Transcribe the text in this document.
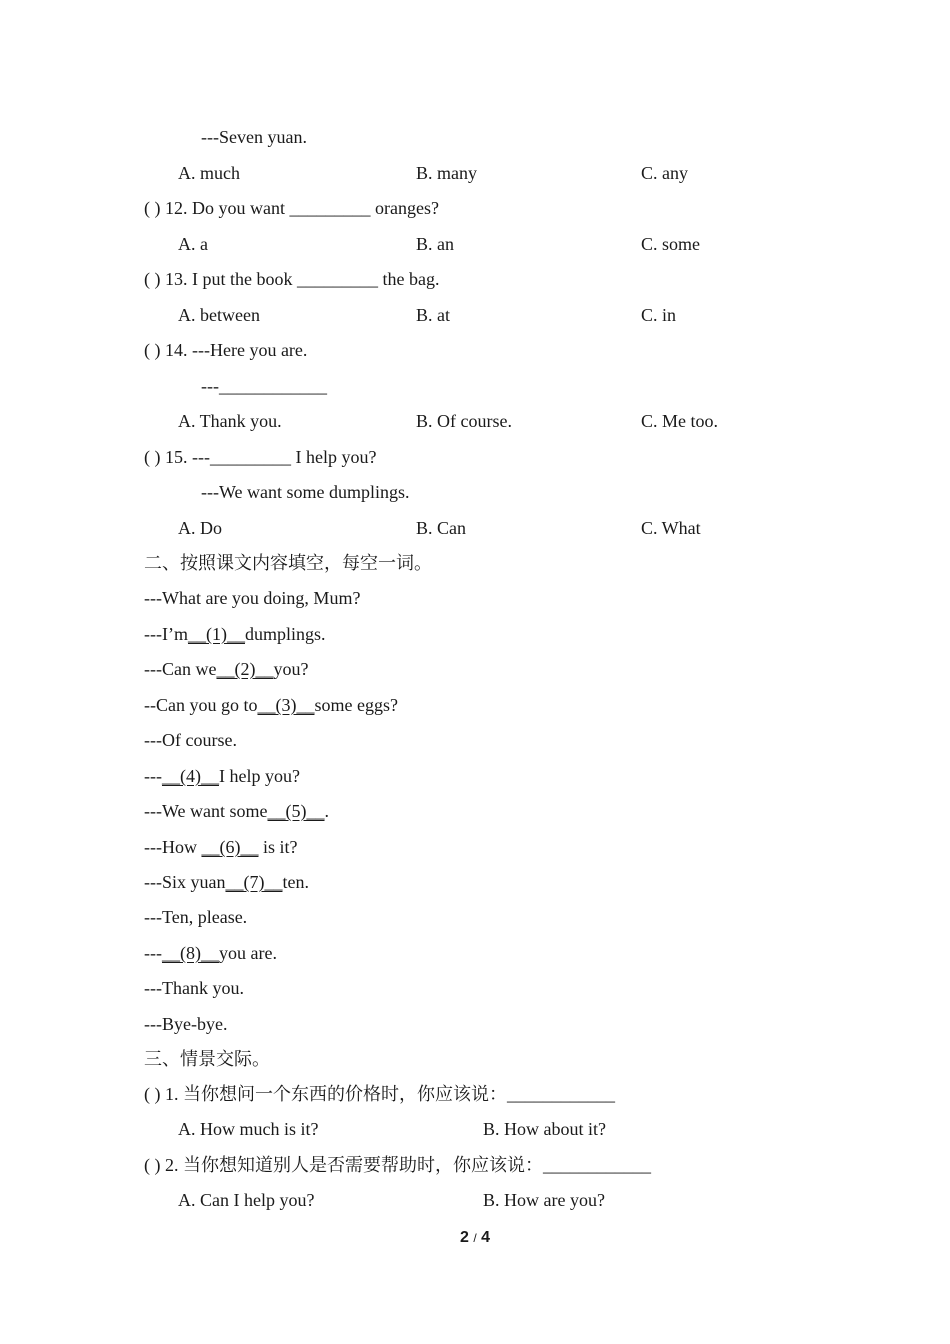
---Seven yuan.
A. much	B. many	C. any
( ) 12. Do you want _________ oranges?
A. a	B. an	C. some
( ) 13. I put the book _________ the bag.
A. between	B. at	C. in
( ) 14. ---Here you are.
---____________
A. Thank you.	B. Of course.	C. Me too.
( ) 15. ---_________ I help you?
---We want some dumplings.
A. Do	B. Can	C. What
二、按照课文内容填空，每空一词。
---What are you doing, Mum?
---I’m__(1)__dumplings.
---Can we__(2)__you?
--Can you go to__(3)__some eggs?
---Of course.
---__(4)__I help you?
---We want some__(5)__.
---How __(6)__ is it?
---Six yuan__(7)__ten.
---Ten, please.
---__(8)__you are.
---Thank you.
---Bye-bye.
三、情景交际。
( ) 1. 当你想问一个东西的价格时，你应该说：____________
A. How much is it?	B. How about it?
( ) 2. 当你想知道别人是否需要帮助时，你应该说：____________
A. Can I help you?	B. How are you?
2 / 4
